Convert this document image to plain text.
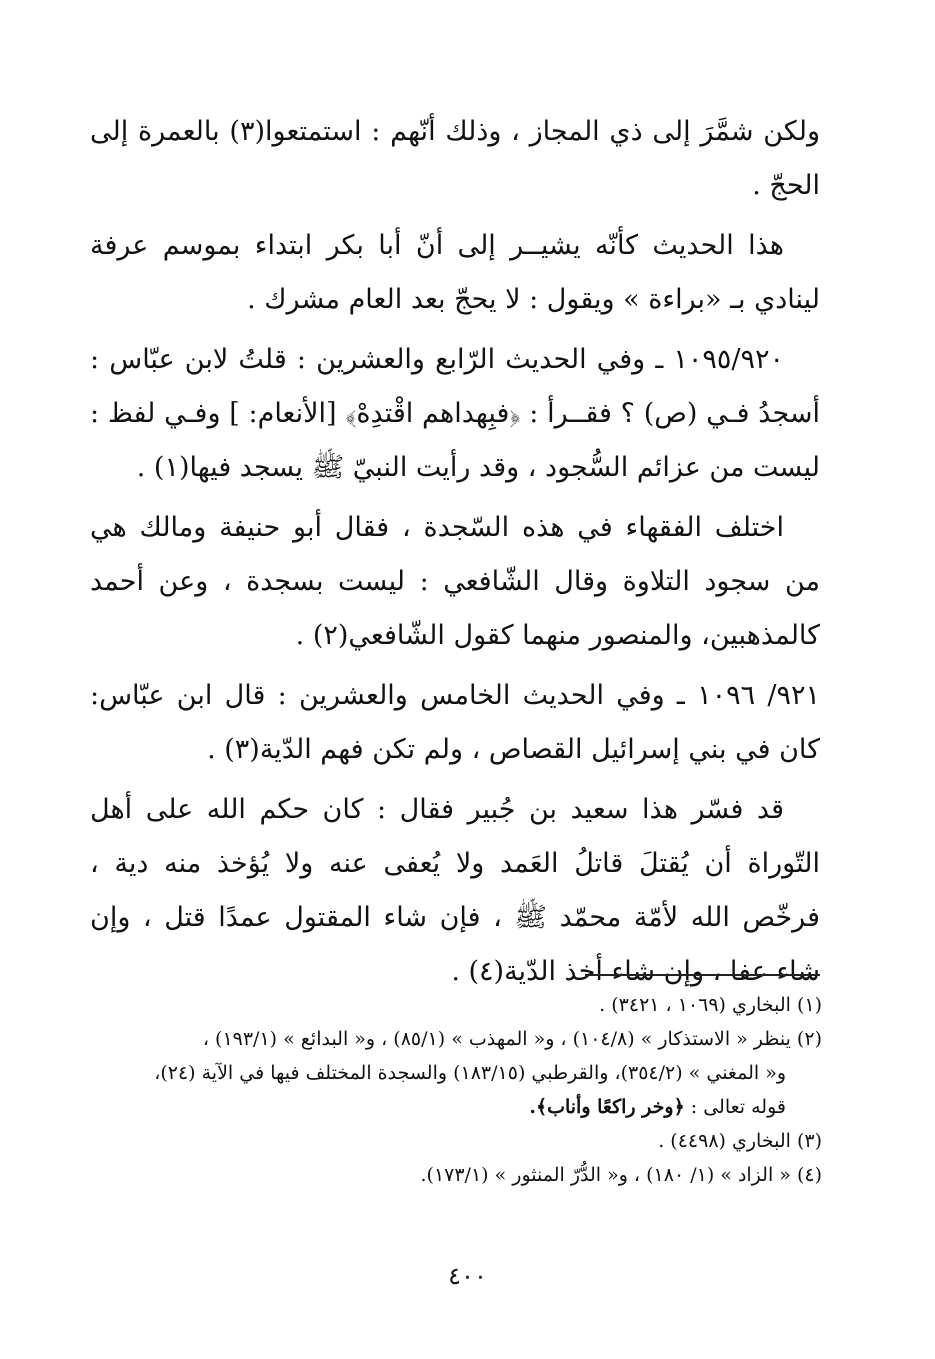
ولكن شمَّرَ إلى ذي المجاز ، وذلك أنّهم : استمتعوا(٣) بالعمرة إلى الحجّ .

هذا الحديث كأنّه يشيــر إلى أنّ أبا بكر ابتداء بموسم عرفة لينادي بـ «براءة » ويقول : لا يحجّ بعد العام مشرك .

١٠٩٥/٩٢٠ ـ وفي الحديث الرّابع والعشرين : قلتُ لابن عبّاس : أسجدُ فـي (ص) ؟ فقــرأ : ﴿فبِهداهم اقْتدِهْ﴾ [الأنعام: ] وفـي لفظ : ليست من عزائم السُّجود ، وقد رأيت النبيّ ﷺ يسجد فيها(١) .

اختلف الفقهاء في هذه السّجدة ، فقال أبو حنيفة ومالك هي من سجود التلاوة وقال الشّافعي : ليست بسجدة ، وعن أحمد كالمذهبين، والمنصور منهما كقول الشّافعي(٢) .

٩٢١/ ١٠٩٦ ـ وفي الحديث الخامس والعشرين : قال ابن عبّاس: كان في بني إسرائيل القصاص ، ولم تكن فهم الدّية(٣) .

قد فسّر هذا سعيد بن جُبير فقال : كان حكم الله على أهل التّوراة أن يُقتلَ قاتلُ العَمد ولا يُعفى عنه ولا يُؤخذ منه دية ، فرخّص الله لأمّة محمّد ﷺ ، فإن شاء المقتول عمدًا قتل ، وإن شاء عفا ، وإن شاء أخذ الدّية(٤) .

(١) البخاري (١٠٦٩ ، ٣٤٢١) .

(٢) ينظر « الاستذكار » (١٠٤/٨) ، و« المهذب » (٨٥/١) ، و« البدائع » (١٩٣/١) ،
و« المغني » (٣٥٤/٢)، والقرطبي (١٨٣/١٥) والسجدة المختلف فيها في الآية (٢٤)،
قوله تعالى : ﴿وخر راكعًا وأناب﴾.

(٣) البخاري (٤٤٩٨) .

(٤) « الزاد » (١/ ١٨٠) ، و« الدُّرّ المنثور » (١٧٣/١).

٤٠٠
